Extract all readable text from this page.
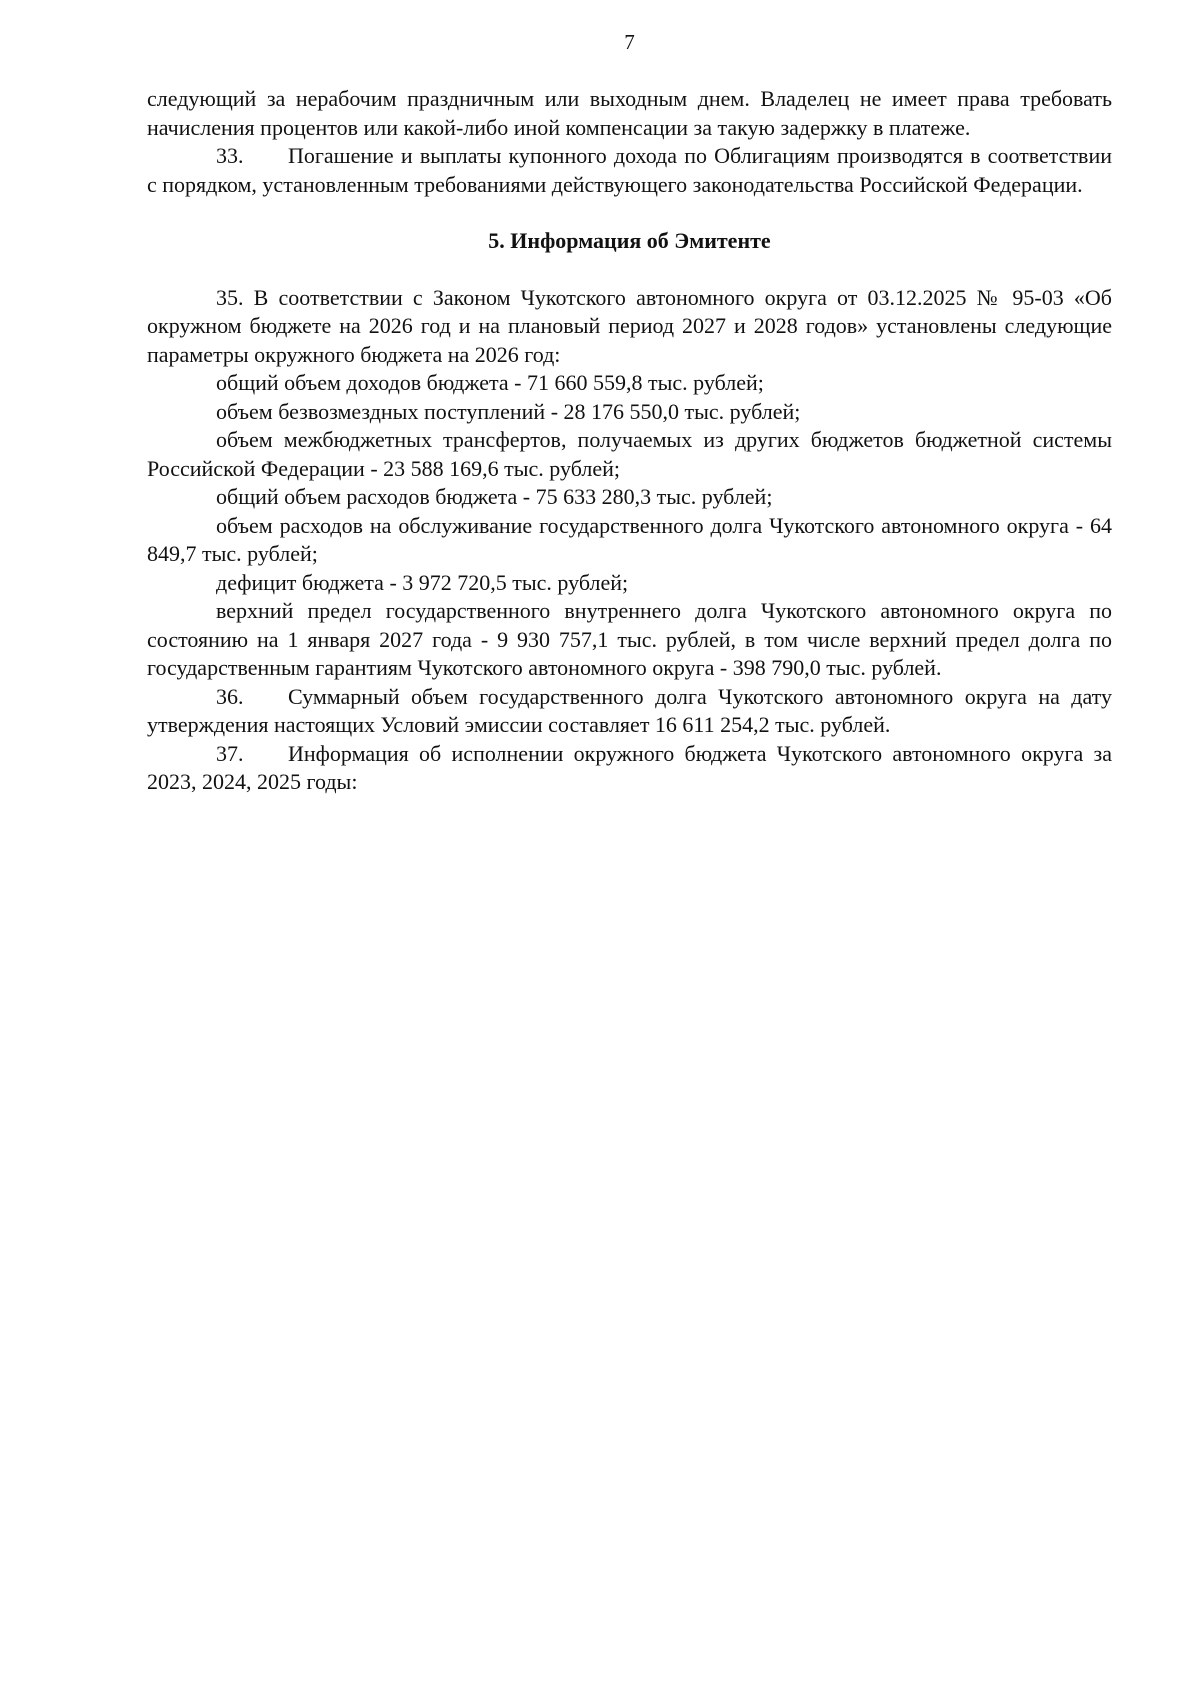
7

следующий за нерабочим праздничным или выходным днем. Владелец не имеет права требовать начисления процентов или какой-либо иной компенсации за такую задержку в платеже.

33. Погашение и выплаты купонного дохода по Облигациям производятся в соответствии с порядком, установленным требованиями действующего законодательства Российской Федерации.

5. Информация об Эмитенте

35. В соответствии с Законом Чукотского автономного округа от 03.12.2025 № 95-03 «Об окружном бюджете на 2026 год и на плановый период 2027 и 2028 годов» установлены следующие параметры окружного бюджета на 2026 год:

общий объем доходов бюджета - 71 660 559,8 тыс. рублей;

объем безвозмездных поступлений - 28 176 550,0 тыс. рублей;

объем межбюджетных трансфертов, получаемых из других бюджетов бюджетной системы Российской Федерации - 23 588 169,6 тыс. рублей;

общий объем расходов бюджета - 75 633 280,3 тыс. рублей;

объем расходов на обслуживание государственного долга Чукотского автономного округа - 64 849,7 тыс. рублей;

дефицит бюджета - 3 972 720,5 тыс. рублей;

верхний предел государственного внутреннего долга Чукотского автономного округа по состоянию на 1 января 2027 года - 9 930 757,1 тыс. рублей, в том числе верхний предел долга по государственным гарантиям Чукотского автономного округа - 398 790,0 тыс. рублей.

36. Суммарный объем государственного долга Чукотского автономного округа на дату утверждения настоящих Условий эмиссии составляет 16 611 254,2 тыс. рублей.

37. Информация об исполнении окружного бюджета Чукотского автономного округа за 2023, 2024, 2025 годы:
